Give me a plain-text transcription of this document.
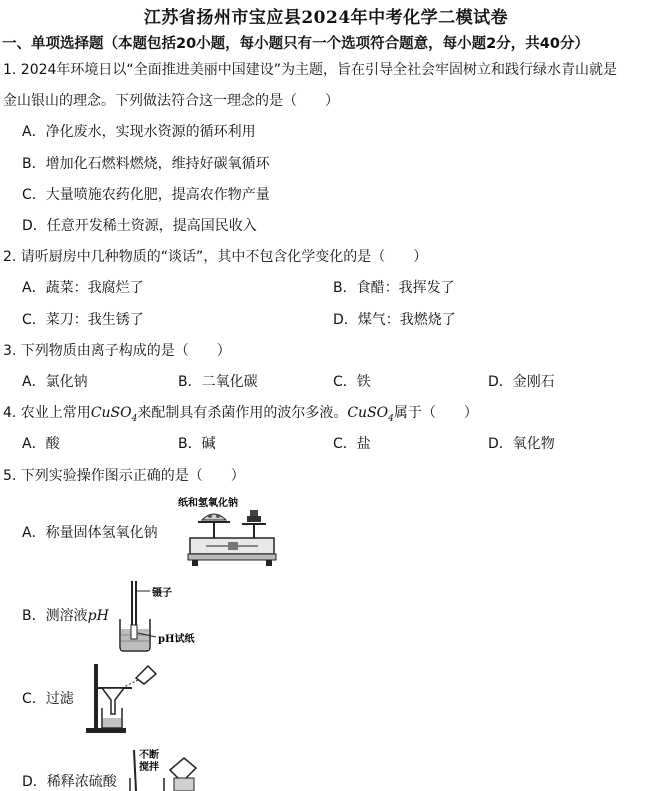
江苏省扬州市宝应县2024年中考化学二模试卷
一、单项选择题（本题包括20小题，每小题只有一个选项符合题意，每小题2分，共40分）
1. 2024年环境日以“全面推进美丽中国建设”为主题，旨在引导全社会牢固树立和践行绿水青山就是
金山银山的理念。下列做法符合这一理念的是（　　）
A．净化废水，实现水资源的循环利用
B．增加化石燃料燃烧，维持好碳氧循环
C．大量喷施农药化肥，提高农作物产量
D．任意开发稀土资源，提高国民收入
2. 请听厨房中几种物质的“谈话”，其中不包含化学变化的是（　　）
A．蔬菜：我腐烂了	B．食醋：我挥发了
C．菜刀：我生锈了	D．煤气：我燃烧了
3. 下列物质由离子构成的是（　　）
A．氯化钠	B．二氧化碳	C．铁	D．金刚石
4. 农业上常用CuSO$_4$来配制具有杀菌作用的波尔多液。CuSO$_4$属于（　　）
A．酸	B．碱	C．盐	D．氧化物
5. 下列实验操作图示正确的是（　　）
A．称量固体氢氧化钠
B．测溶液pH
C．过滤
D．稀释浓硫酸
纸和氢氧化钠
镊子
pH试纸
不断
搅拌
